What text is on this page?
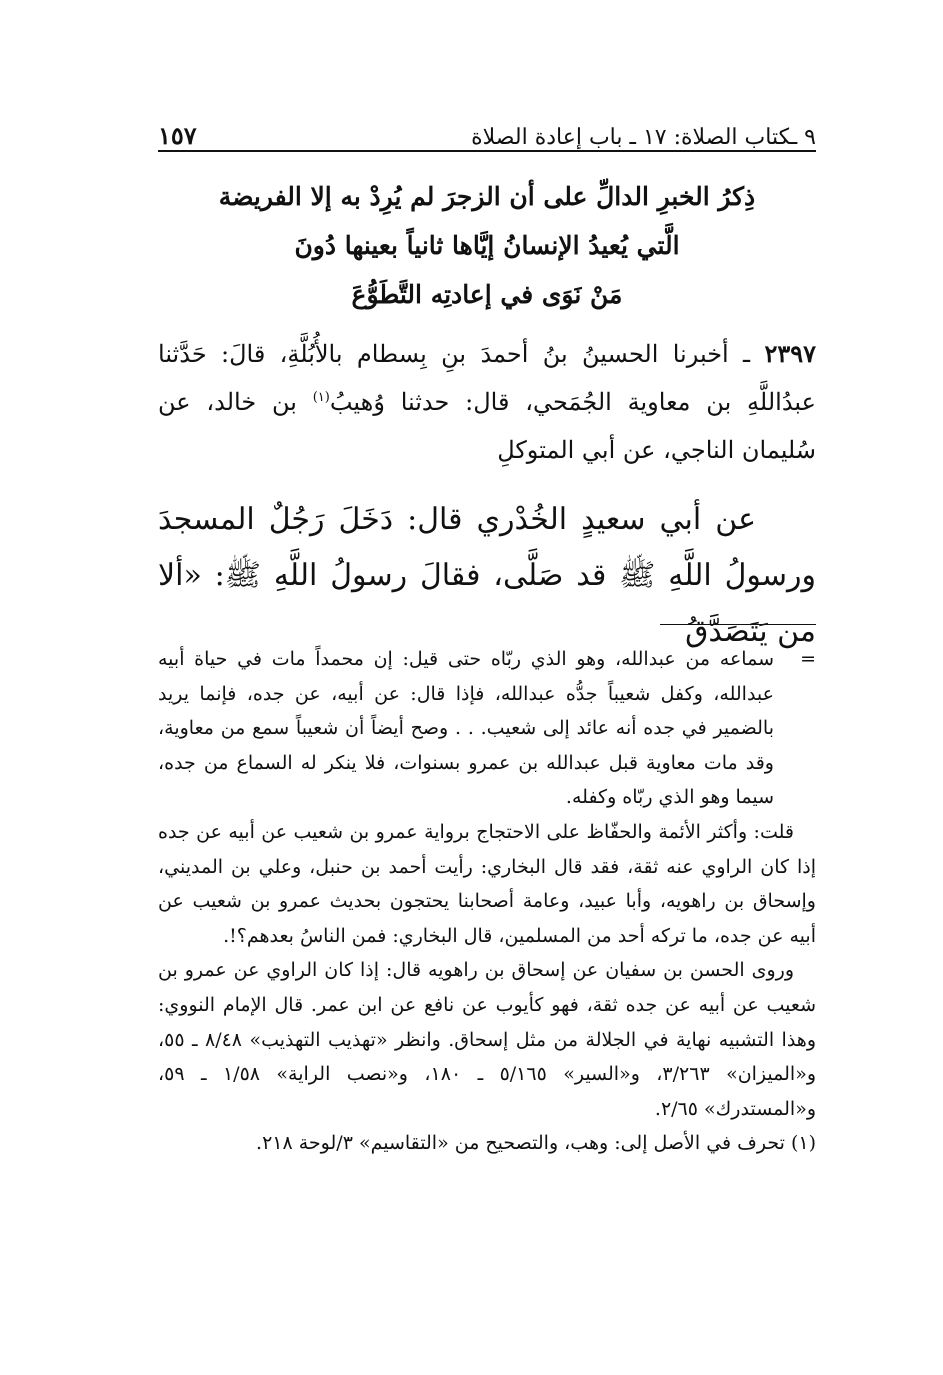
٩ ـكتاب الصلاة: ١٧ ـ باب إعادة الصلاة
١٥٧
ذِكرُ الخبرِ الدالِّ على أن الزجرَ لم يُرِدْ به إلا الفريضة
الَّتي يُعيدُ الإنسانُ إيَّاها ثانياً بعينها دُونَ
مَنْ نَوَى في إعادتِه التَّطَوُّعَ
٢٣٩٧ ـ أخبرنا الحسينُ بنُ أحمدَ بنِ بِسطام بالأُبُلَّةِ، قالَ: حَدَّثنا عبدُاللَّهِ بن معاوية الجُمَحي، قال: حدثنا وُهيبُ$^{(١)}$ بن خالد، عن سُليمان الناجي، عن أبي المتوكلِ
عن أبي سعيدٍ الخُدْري قال: دَخَلَ رَجُلٌ المسجدَ ورسولُ اللَّهِ ﷺ قد صَلَّى، فقالَ رسولُ اللَّهِ ﷺ: «ألا من يَتَصَدَّقُ
=

سماعه من عبدالله، وهو الذي ربّاه حتى قيل: إن محمداً مات في حياة أبيه عبدالله، وكفل شعيباً جدُّه عبدالله، فإذا قال: عن أبيه، عن جده، فإنما يريد بالضمير في جده أنه عائد إلى شعيب. . . وصح أيضاً أن شعيباً سمع من معاوية، وقد مات معاوية قبل عبدالله بن عمرو بسنوات، فلا ينكر له السماع من جده، سيما وهو الذي ربّاه وكفله.

قلت: وأكثر الأئمة والحفّاظ على الاحتجاج برواية عمرو بن شعيب عن أبيه عن جده إذا كان الراوي عنه ثقة، فقد قال البخاري: رأيت أحمد بن حنبل، وعلي بن المديني، وإسحاق بن راهويه، وأبا عبيد، وعامة أصحابنا يحتجون بحديث عمرو بن شعيب عن أبيه عن جده، ما تركه أحد من المسلمين، قال البخاري: فمن الناسُ بعدهم؟!.

وروى الحسن بن سفيان عن إسحاق بن راهويه قال: إذا كان الراوي عن عمرو بن شعيب عن أبيه عن جده ثقة، فهو كأيوب عن نافع عن ابن عمر. قال الإمام النووي: وهذا التشبيه نهاية في الجلالة من مثل إسحاق. وانظر «تهذيب التهذيب» ٨/٤٨ ـ ٥٥، و«الميزان» ٣/٢٦٣، و«السير» ٥/١٦٥ ـ ١٨٠، و«نصب الراية» ١/٥٨ ـ ٥٩، و«المستدرك» ٢/٦٥.

(١) تحرف في الأصل إلى: وهب، والتصحيح من «التقاسيم» ٣/لوحة ٢١٨.
